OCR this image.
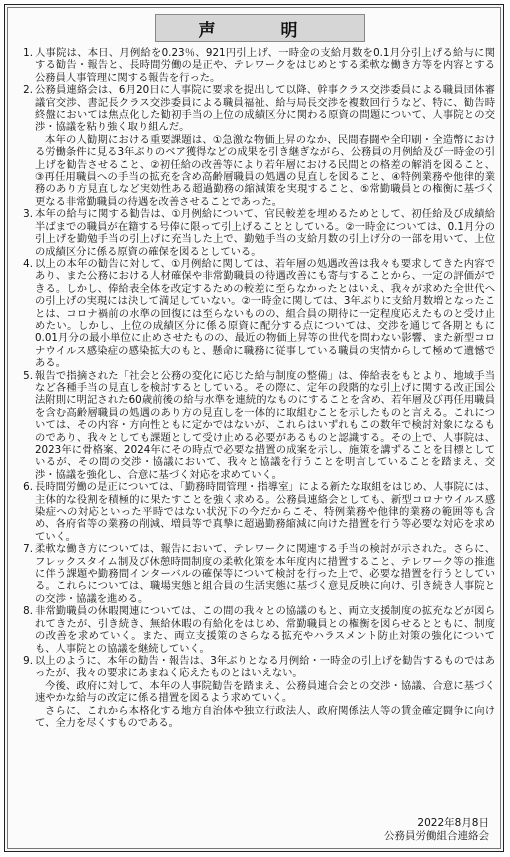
声　明
1. 人事院は、本日、月例給を0.23％、921円引上げ、一時金の支給月数を0.1月分引上げる給与に関する勧告・報告と、長時間労働の是正や、テレワークをはじめとする柔軟な働き方等を内容とする公務員人事管理に関する報告を行った。
2. 公務員連絡会は、6月20日に人事院に要求を提出して以降、幹事クラス交渉委員による職員団体審議官交渉、書記長クラス交渉委員による職員福祉、給与局長交渉を複数回行うなど、特に、勧告時終盤においては焦点化した勧初手当の上位の成績区分に関わる原資の問題について、人事院との交渉・協議を粘り強く取り組んだ。
本年の人勧期における重要課題は、①急激な物価上昇のなか、民間春闘や全印刷・全造幣における労働条件に見る3年ぶりのベア獲得などの成果を引き継ぎながら、公務員の月例給及び一時金の引上げを勧告させること、②初任給の改善等により若年層における民間との格差の解消を図ること、③再任用職員への手当の拡充を含め高齢層職員の処遇の見直しを図ること、④特例業務や他律的業務のあり方見直しなど実効性ある超過勤務の縮減策を実現すること、⑤常勤職員との権衡に基づく更なる非常勤職員の待遇を改善させることであった。
3. 本年の給与に関する勧告は、①月例給について、官民較差を埋めるためとして、初任給及び成績給半ばまでの職員が在籍する号俸に限って引上げることとしている。②一時金については、0.1月分の引上げを勤勉手当の引上げに充当した上で、勤勉手当の支給月数の引上げ分の一部を用いて、上位の成績区分に係る原資の確保を図るとしている。
4. 以上の本年の勧告に対して、①月例給に関しては、若年層の処遇改善は我々も要求してきた内容であり、また公務における人材確保や非常勤職員の待遇改善にも寄与することから、一定の評価ができる。しかし、俸給表全体を改定するための較差に至らなかったとはいえ、我々が求めた全世代への引上げの実現には決して満足していない。②一時金に関しては、3年ぶりに支給月数増となったことは、コロナ禍前の水準の回復には至らないものの、組合員の期待に一定程度応えたものと受け止めたい。しかし、上位の成績区分に係る原資に配分する点については、交渉を通じて各期ともに0.01月分の最小単位に止めさせたものの、最近の物価上昇等の世代を問わない影響、また新型コロナウイルス感染症の感染拡大のもと、懸命に職務に従事している職員の実情からして極めて遺憾である。
5. 報告で指摘された「社会と公務の変化に応じた給与制度の整備」は、俸給表をもとより、地域手当など各種手当の見直しを検討するとしている。その際に、定年の段階的な引上げに関する改正国公法附則に明記された60歳前後の給与水準を連続的なものにすることを含め、若年層及び再任用職員を含む高齢層職員の処遇のあり方の見直しを一体的に取組むことを示したものと言える。これについては、その内容・方向性ともに定かではないが、これらはいずれもこの数年で検討対象になるものであり、我々としても課題として受け止める必要があるものと認識する。その上で、人事院は、2023年に骨格案、2024年にその時点で必要な措置の成案を示し、施策を講ずることを目標としているが、その間の交渉・協議において、我々と協議を行うことを明言していることを踏まえ、交渉・協議を強化し、合意に基づく対応を求めていく。
6. 長時間労働の是正については、「勤務時間管理・指導室」による新たな取組をはじめ、人事院には、主体的な役割を積極的に果たすことを強く求める。公務員連絡会としても、新型コロナウイルス感染症への対応といった平時ではない状況下の今だからこそ、特例業務や他律的業務の範囲等も含め、各府省等の業務の削減、増員等で真摯に超過勤務縮減に向けた措置を行う等必要な対応を求めていく。
7. 柔軟な働き方については、報告において、テレワークに関連する手当の検討が示された。さらに、フレックスタイム制及び休憩時間制度の柔軟化策を本年度内に措置すること、テレワーク等の推進に伴う課題や勤務間インターバルの確保等について検討を行った上で、必要な措置を行うとしている。これらについては、職場実態と組合員の生活実態に基づく意見反映に向け、引き続き人事院との交渉・協議を進める。
8. 非常勤職員の休暇関連については、この間の我々との協議のもと、両立支援制度の拡充などが図られてきたが、引き続き、無給休暇の有給化をはじめ、常勤職員との権衡を図らせるとともに、制度の改善を求めていく。また、両立支援策のさらなる拡充やハラスメント防止対策の強化についても、人事院との協議を継続していく。
9. 以上のように、本年の勧告・報告は、3年ぶりとなる月例給・一時金の引上げを勧告するものではあったが、我々の要求にあまねく応えたものとはいえない。
今後、政府に対して、本年の人事院勧告を踏まえ、公務員連合会との交渉・協議、合意に基づく速やかな給与の改定に係る措置を図るよう求めていく。
さらに、これから本格化する地方自治体や独立行政法人、政府関係法人等の賃金確定闘争に向けて、全力を尽くすものである。
2022年8月8日
公務員労働組合連絡会
